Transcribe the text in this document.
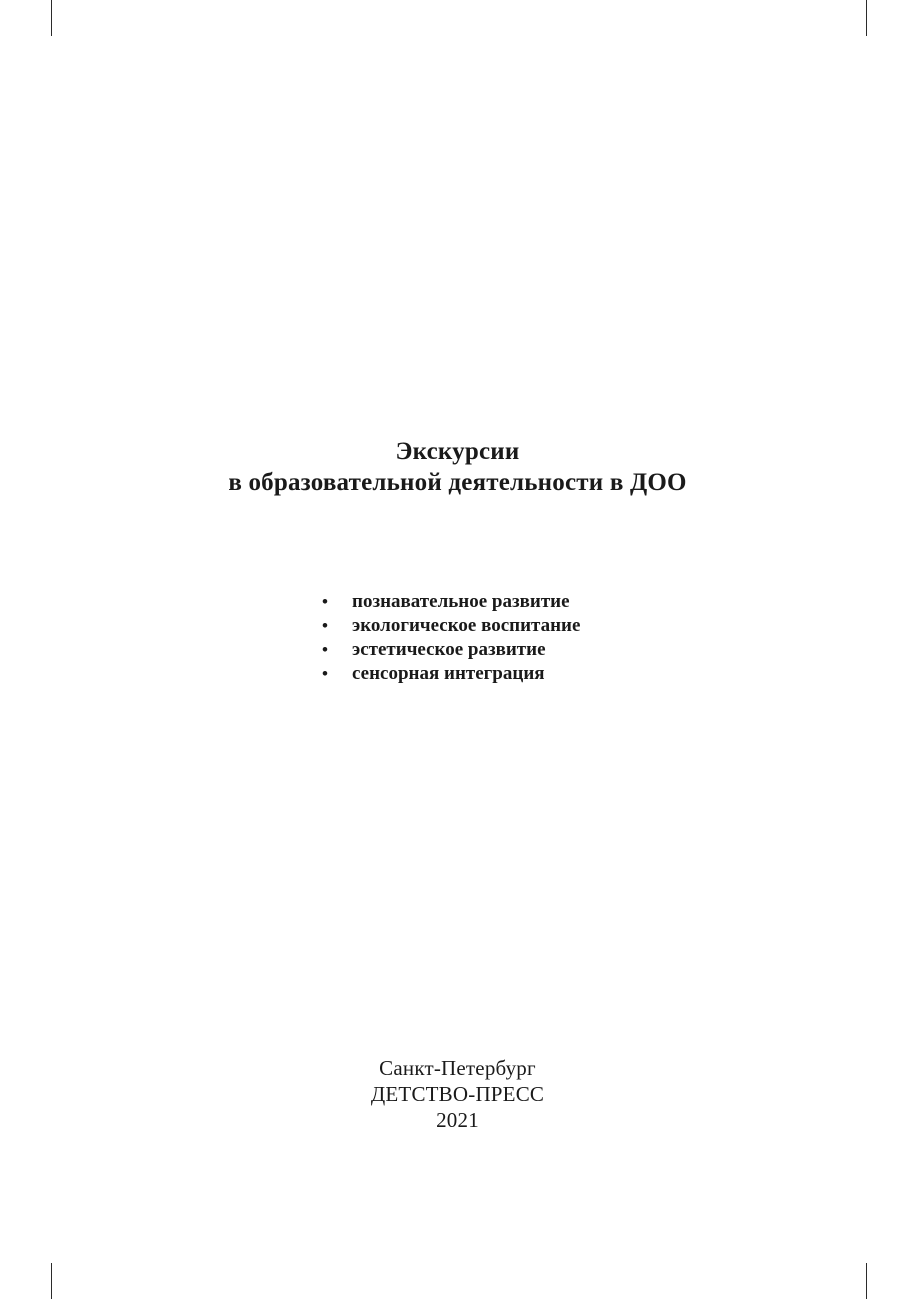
Экскурсии
в образовательной деятельности в ДОО
• познавательное развитие
• экологическое воспитание
• эстетическое развитие
• сенсорная интеграция
Санкт-Петербург
ДЕТСТВО-ПРЕСС
2021
